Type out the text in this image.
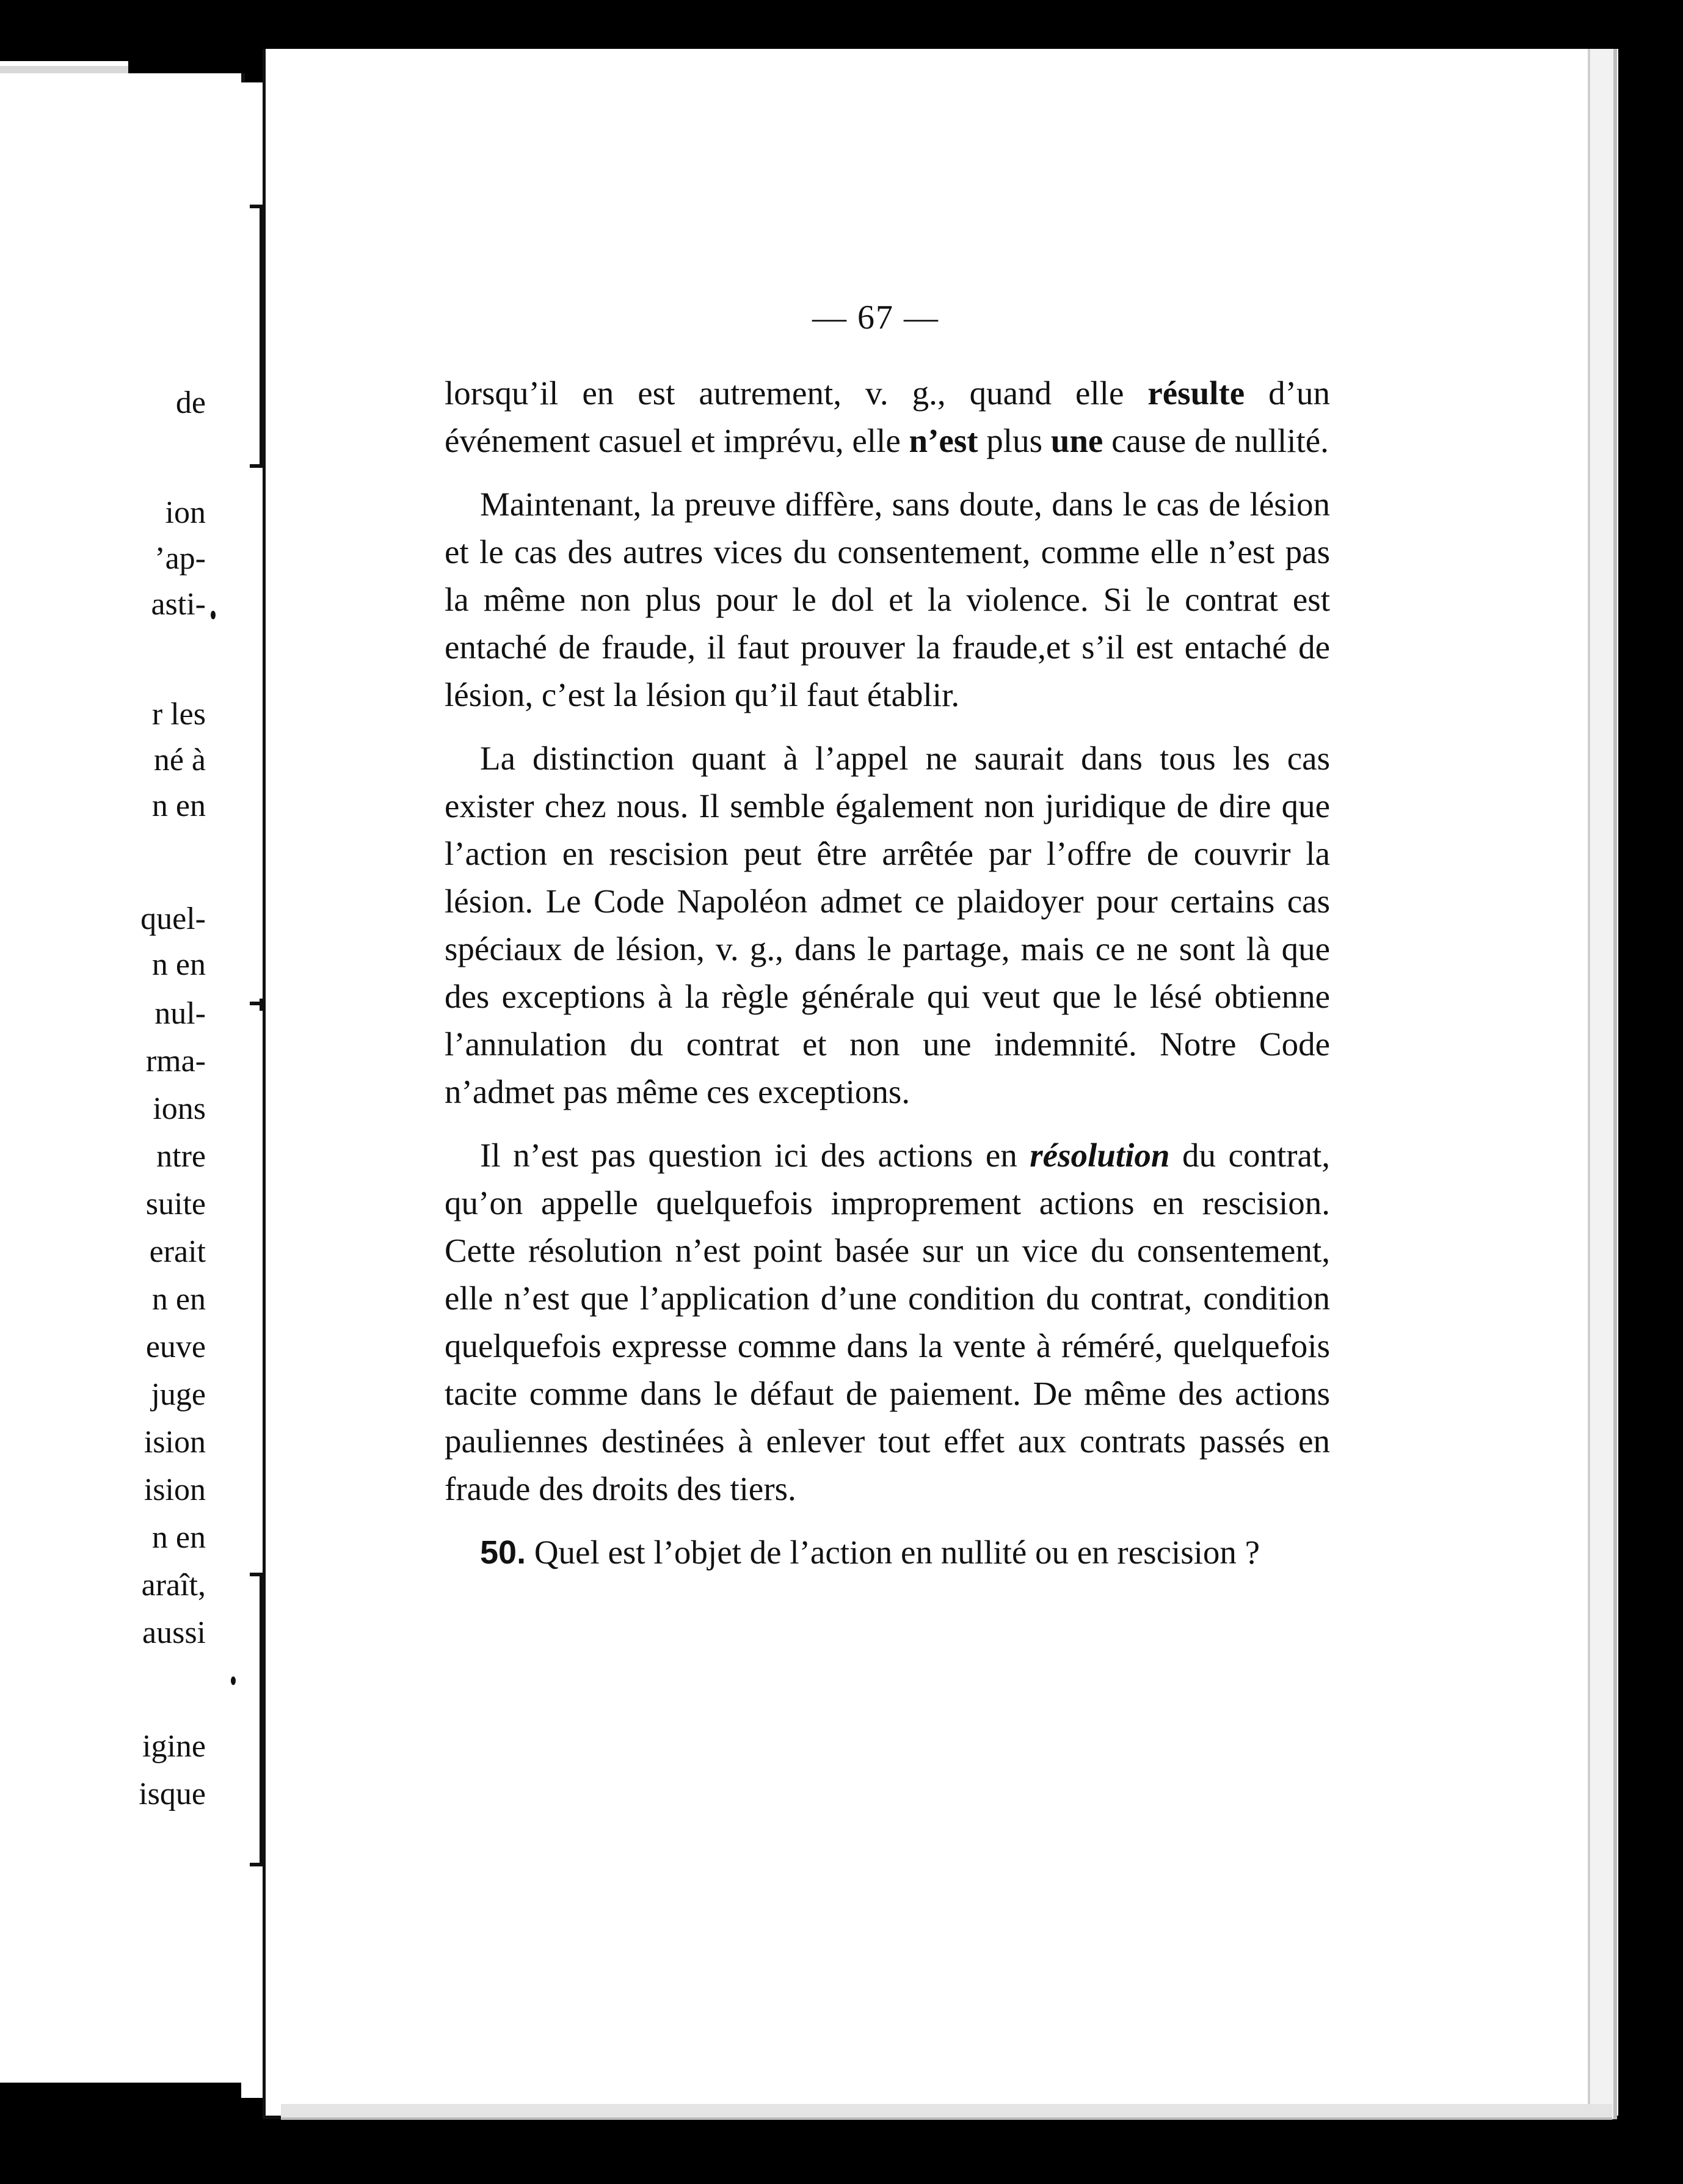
de
ion
’ap-
asti-
r les
né à
n en
quel-
n en
nul-
rma-
ions
ntre
suite
erait
n en
euve
juge
ision
ision
n en
araît,
aussi
igine
isque
— 67 —

lorsqu’il en est autrement, v. g., quand elle résulte d’un événement casuel et imprévu, elle n’est plus une cause de nullité.

Maintenant, la preuve diffère, sans doute, dans le cas de lésion et le cas des autres vices du consentement, comme elle n’est pas la même non plus pour le dol et la violence. Si le contrat est entaché de fraude, il faut prouver la fraude,et s’il est entaché de lésion, c’est la lésion qu’il faut établir.

La distinction quant à l’appel ne saurait dans tous les cas exister chez nous. Il semble également non juridique de dire que l’action en rescision peut être arrêtée par l’offre de couvrir la lésion. Le Code Napoléon admet ce plaidoyer pour certains cas spéciaux de lésion, v. g., dans le partage, mais ce ne sont là que des exceptions à la règle générale qui veut que le lésé obtienne l’annulation du contrat et non une indemnité. Notre Code n’admet pas même ces exceptions.

Il n’est pas question ici des actions en résolution du contrat, qu’on appelle quelquefois improprement actions en rescision. Cette résolution n’est point basée sur un vice du consentement, elle n’est que l’application d’une condition du contrat, condition quelquefois expresse comme dans la vente à réméré, quelquefois tacite comme dans le défaut de paiement. De même des actions pauliennes destinées à enlever tout effet aux contrats passés en fraude des droits des tiers.

50. Quel est l’objet de l’action en nullité ou en rescision ?
